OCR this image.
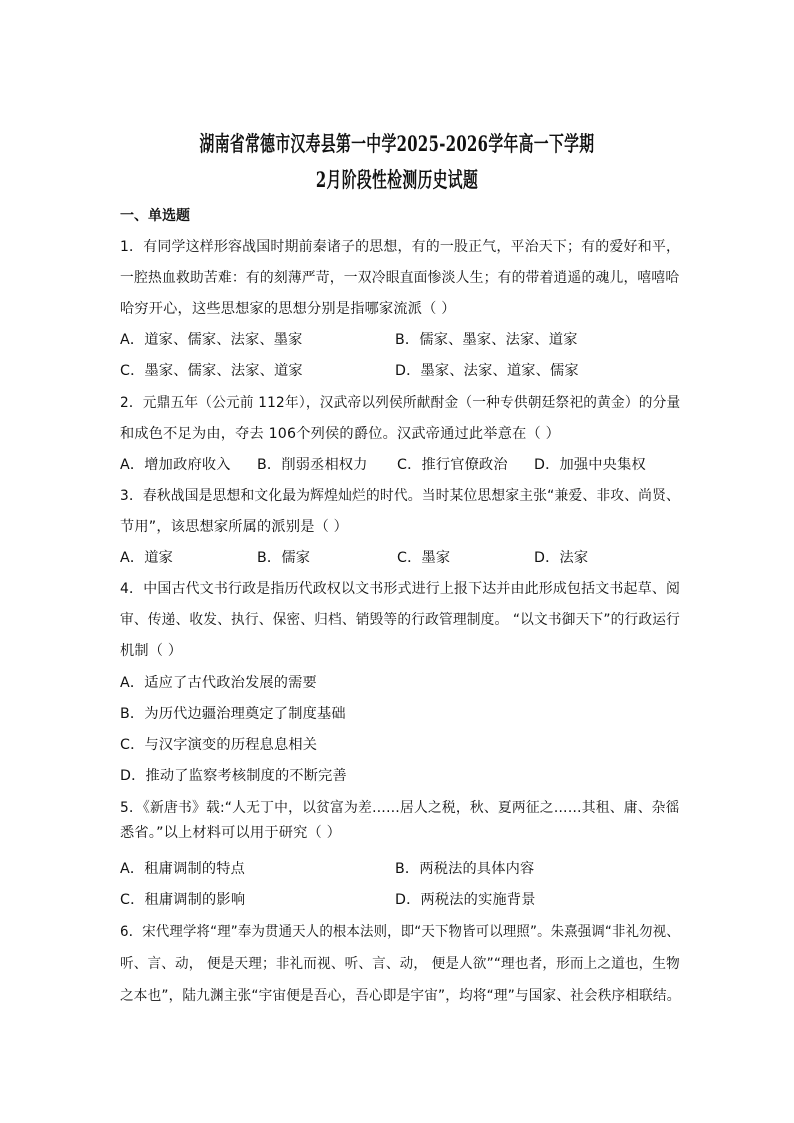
湖南省常德市汉寿县第一中学2025-2026学年高一下学期
2月阶段性检测历史试题
一、单选题
1．有同学这样形容战国时期前秦诸子的思想，有的一股正气，平治天下；有的爱好和平，
一腔热血救助苦难：有的刻薄严苛，一双冷眼直面惨淡人生；有的带着逍遥的魂儿，嘻嘻哈
哈穷开心，这些思想家的思想分别是指哪家流派（ ）
A．道家、儒家、法家、墨家	B．儒家、墨家、法家、道家
C．墨家、儒家、法家、道家	D．墨家、法家、道家、儒家
2．元鼎五年（公元前 112年），汉武帝以列侯所献酎金（一种专供朝廷祭祀的黄金）的分量
和成色不足为由，夺去 106个列侯的爵位。汉武帝通过此举意在（ ）
A．增加政府收入 B．削弱丞相权力 C．推行官僚政治 D．加强中央集权
3．春秋战国是思想和文化最为辉煌灿烂的时代。当时某位思想家主张“兼爱、非攻、尚贤、
节用”，该思想家所属的派别是（ ）
A．道家	B．儒家	C．墨家	D．法家
4．中国古代文书行政是指历代政权以文书形式进行上报下达并由此形成包括文书起草、阅
审、传递、收发、执行、保密、归档、销毁等的行政管理制度。 “以文书御天下”的行政运行
机制（ ）
A．适应了古代政治发展的需要
B．为历代边疆治理奠定了制度基础
C．与汉字演变的历程息息相关
D．推动了监察考核制度的不断完善
5．《新唐书》载:“人无丁中，以贫富为差……居人之税，秋、夏两征之……其租、庸、杂徭
悉省。”以上材料可以用于研究（ ）
A．租庸调制的特点	B．两税法的具体内容
C．租庸调制的影响	D．两税法的实施背景
6．宋代理学将“理”奉为贯通天人的根本法则，即“天下物皆可以理照”。朱熹强调“非礼勿视、
听、言、动， 便是天理；非礼而视、听、言、动， 便是人欲”“理也者，形而上之道也，生物
之本也”，陆九渊主张“宇宙便是吾心，吾心即是宇宙”，均将“理”与国家、社会秩序相联结。
